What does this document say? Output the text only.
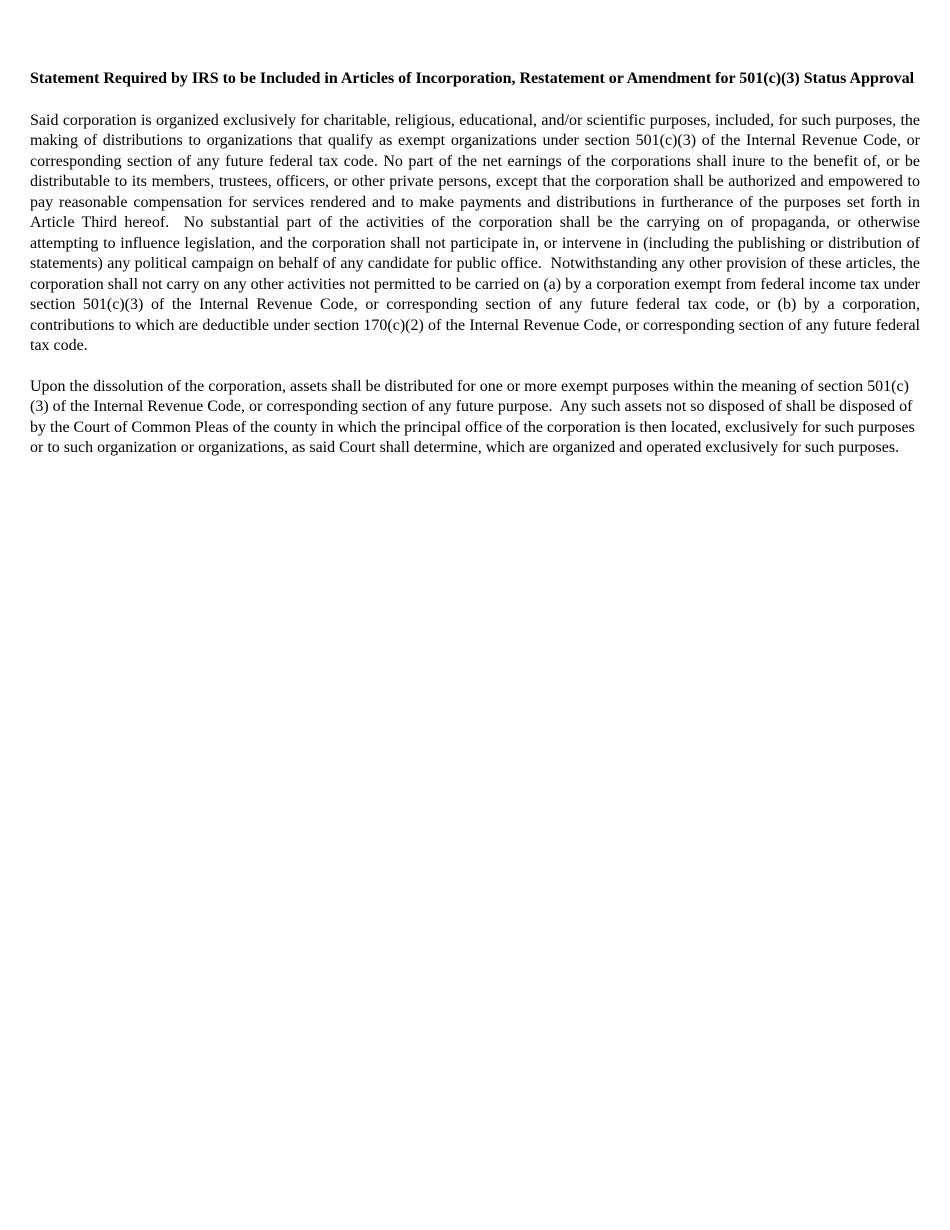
Statement Required by IRS to be Included in Articles of Incorporation, Restatement or Amendment for 501(c)(3) Status Approval

Said corporation is organized exclusively for charitable, religious, educational, and/or scientific purposes, included, for such purposes, the making of distributions to organizations that qualify as exempt organizations under section 501(c)(3) of the Internal Revenue Code, or corresponding section of any future federal tax code. No part of the net earnings of the corporations shall inure to the benefit of, or be distributable to its members, trustees, officers, or other private persons, except that the corporation shall be authorized and empowered to pay reasonable compensation for services rendered and to make payments and distributions in furtherance of the purposes set forth in Article Third hereof.  No substantial part of the activities of the corporation shall be the carrying on of propaganda, or otherwise attempting to influence legislation, and the corporation shall not participate in, or intervene in (including the publishing or distribution of statements) any political campaign on behalf of any candidate for public office.  Notwithstanding any other provision of these articles, the corporation shall not carry on any other activities not permitted to be carried on (a) by a corporation exempt from federal income tax under section 501(c)(3) of the Internal Revenue Code, or corresponding section of any future federal tax code, or (b) by a corporation, contributions to which are deductible under section 170(c)(2) of the Internal Revenue Code, or corresponding section of any future federal tax code.

Upon the dissolution of the corporation, assets shall be distributed for one or more exempt purposes within the meaning of section 501(c)(3) of the Internal Revenue Code, or corresponding section of any future purpose.  Any such assets not so disposed of shall be disposed of by the Court of Common Pleas of the county in which the principal office of the corporation is then located, exclusively for such purposes or to such organization or organizations, as said Court shall determine, which are organized and operated exclusively for such purposes.
